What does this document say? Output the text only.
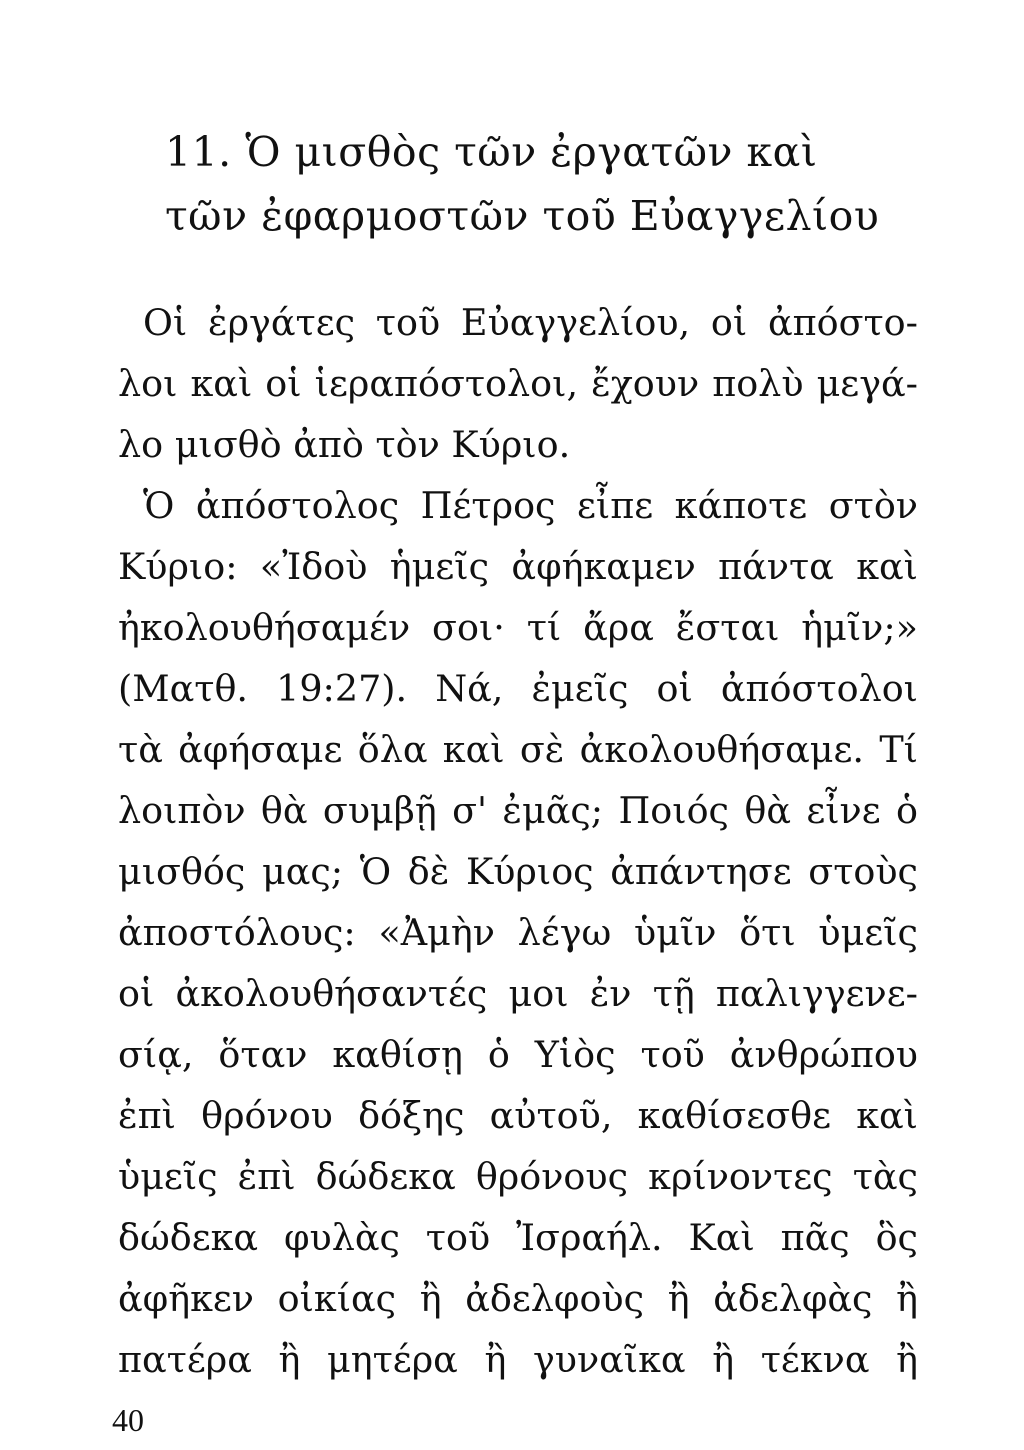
11. Ὁ μισθὸς τῶν ἐργατῶν καὶ
τῶν ἐφαρμοστῶν τοῦ Εὐαγγελίου
Οἱ ἐργάτες τοῦ Εὐαγγελίου, οἱ ἀπόστο-
λοι καὶ οἱ ἱεραπόστολοι, ἔχουν πολὺ μεγά-
λο μισθὸ ἀπὸ τὸν Κύριο.
Ὁ ἀπόστολος Πέτρος εἶπε κάποτε στὸν
Κύριο: «Ἰδοὺ ἡμεῖς ἀφήκαμεν πάντα καὶ
ἠκολουθήσαμέν σοι· τί ἄρα ἔσται ἡμῖν;»
(Ματθ. 19:27). Νά, ἐμεῖς οἱ ἀπόστολοι
τὰ ἀφήσαμε ὅλα καὶ σὲ ἀκολουθήσαμε. Τί
λοιπὸν θὰ συμβῇ σ' ἐμᾶς; Ποιός θὰ εἶνε ὁ
μισθός μας; Ὁ δὲ Κύριος ἀπάντησε στοὺς
ἀποστόλους: «Ἀμὴν λέγω ὑμῖν ὅτι ὑμεῖς
οἱ ἀκολουθήσαντές μοι ἐν τῇ παλιγγενε-
σίᾳ, ὅταν καθίσῃ ὁ Υἱὸς τοῦ ἀνθρώπου
ἐπὶ θρόνου δόξης αὐτοῦ, καθίσεσθε καὶ
ὑμεῖς ἐπὶ δώδεκα θρόνους κρίνοντες τὰς
δώδεκα φυλὰς τοῦ Ἰσραήλ. Καὶ πᾶς ὃς
ἀφῆκεν οἰκίας ἢ ἀδελφοὺς ἢ ἀδελφὰς ἢ
πατέρα ἢ μητέρα ἢ γυναῖκα ἢ τέκνα ἢ
40
